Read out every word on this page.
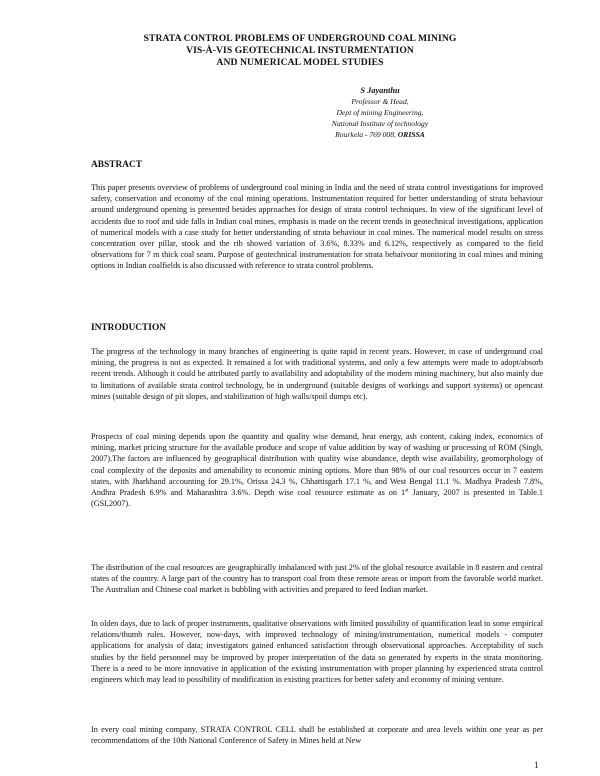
STRATA CONTROL PROBLEMS OF UNDERGROUND COAL MINING
VIS-À-VIS GEOTECHNICAL INSTURMENTATION
AND NUMERICAL MODEL STUDIES
S Jayanthu
Professor & Head,
Dept of mining Engineering,
National Institute of technology
Rourkela - 769 008, ORISSA
ABSTRACT
This paper presents overview of problems of underground coal mining in India and the need of strata control investigations for improved safety, conservation and economy of the coal mining operations. Instrumentation required for better understanding of strata behaviour around underground opening is presented besides approaches for design of strata control techniques. In view of the significant level of accidents due to roof and side falls in Indian coal mines, emphasis is made on the recent trends in geotechnical investigations, application of numerical models with a case study for better understanding of strata behaviour in coal mines. The numerical model results on stress concentration over pillar, stook and the rib showed variation of 3.6%, 8.33% and 6.12%, respectively as compared to the field observations for 7 m thick coal seam. Purpose of geotechnical instrumentation for strata behaivour monitoring in coal mines and mining options in Indian coalfields is also discussed with reference to strata control problems.
INTRODUCTION
The progress of the technology in many branches of engineering is quite rapid in recent years. However, in case of underground coal mining, the progress is not as expected. It remained a lot with traditional systems, and only a few attempts were made to adopt/absorb recent trends. Although it could be attributed partly to availability and adoptability of the modern mining machinery, but also mainly due to limitations of available strata control technology, be in underground (suitable designs of workings and support systems) or opencast mines (suitable design of pit slopes, and stabilization of high walls/spoil dumps etc).
Prospects of coal mining depends upon the quantity and quality wise demand, heat energy, ash content, caking index, economics of mining, market pricing structure for the available produce and scope of value addition by way of washing or processing of ROM (Singh, 2007).The factors are influenced by geographical distribution with quality wise abundance, depth wise availability, geomorphology of coal complexity of the deposits and amenability to economic mining options. More than 98% of our coal resources occur in 7 eastern states, with Jharkhand accounting for 29.1%, Orissa 24.3 %, Chhattisgarh 17.1 %, and West Bengal 11.1 %. Madhya Pradesh 7.8%, Andhra Pradesh 6.9% and Maharashtra 3.6%. Depth wise coal resource estimate as on 1st January, 2007 is presented in Table.1 (GSI,2007).
The distribution of the coal resources are geographically imbalanced with just 2% of the global resource available in 8 eastern and central states of the country. A large part of the country has to transport coal from these remote areas or import from the favorable world market. The Australian and Chinese coal market is bubbling with activities and prepared to feed Indian market.
In olden days, due to lack of proper instruments, qualitative observations with limited possibility of quantification lead to some empirical relations/thumb rules. However, now-days, with improved technology of mining/instrumentation, numerical models - computer applications for analysis of data; investigators gained enhanced satisfaction through observational approaches. Acceptability of such studies by the field personnel may be improved by proper interpretation of the data so generated by experts in the strata monitoring. There is a need to be more innovative in application of the existing instrumentation with proper planning by experienced strata control engineers which may lead to possibility of modification in existing practices for better safety and economy of mining venture.
In every coal mining company, STRATA CONTROL CELL shall be established at corporate and area levels within one year as per recommendations of the 10th National Conference of Safety in Mines held at New
1
